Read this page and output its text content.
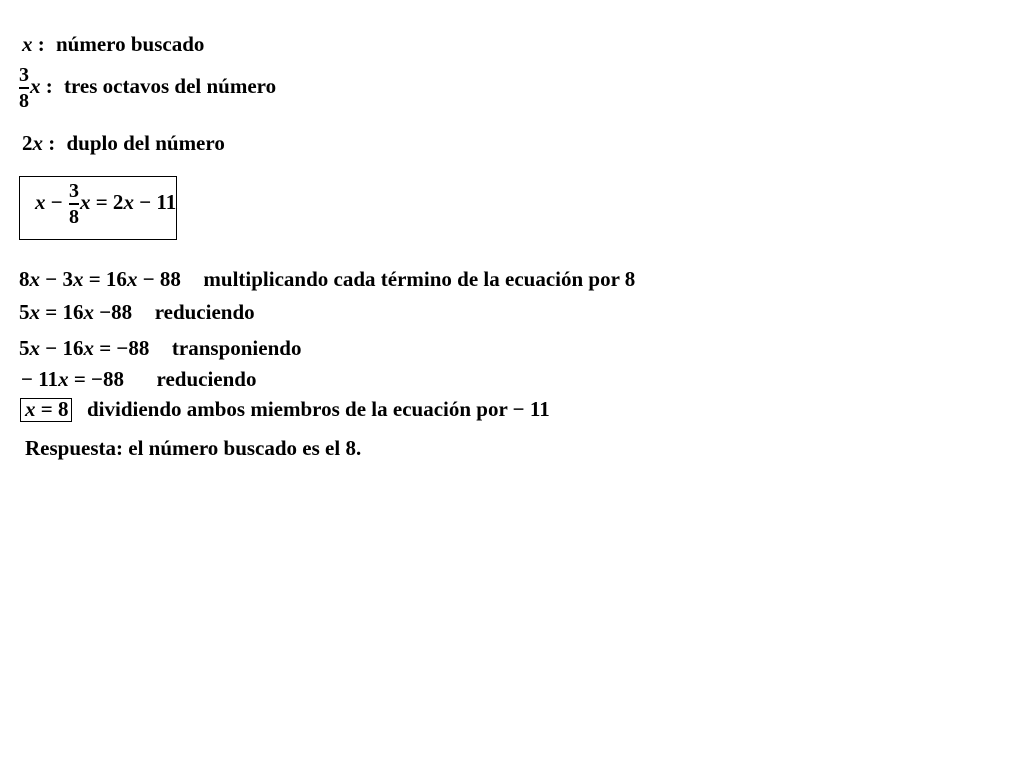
x : número buscado
$\frac{3}{8}$ x : tres octavos del número
2x : duplo del número
$x - \frac{3}{8}$ x = 2x − 11
8x − 3x = 16x − 88 multiplicando cada término de la ecuación por 8
5x = 16x −88 reduciendo
5x − 16x = −88 transponiendo
− 11x = −88 reduciendo
x = 8 dividiendo ambos miembros de la ecuación por − 11
Respuesta: el número buscado es el 8.
